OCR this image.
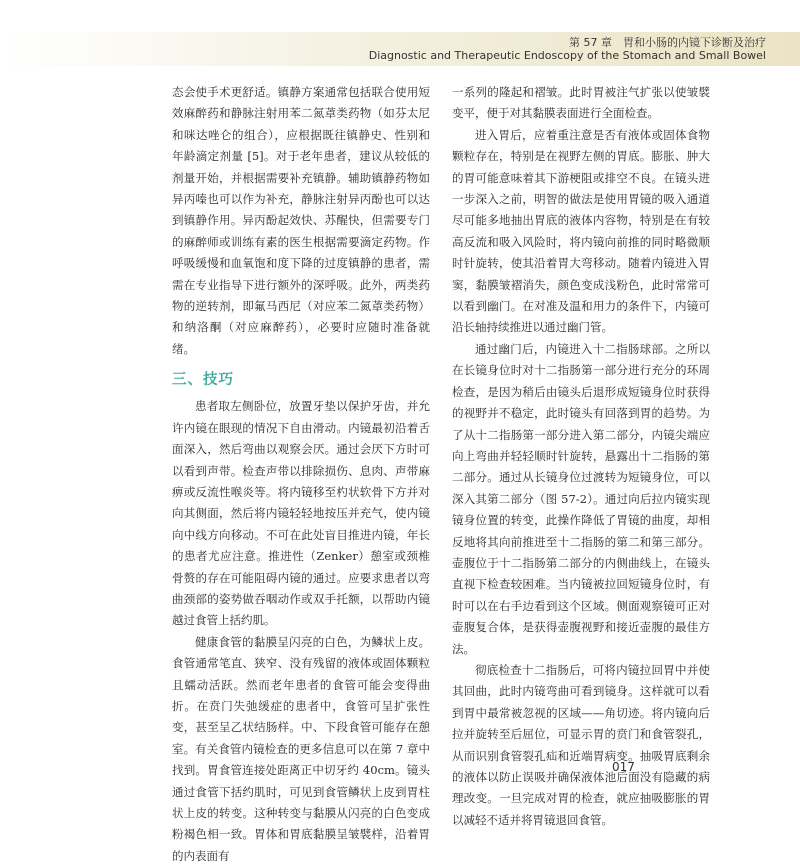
第 57 章　胃和小肠的内镜下诊断及治疗
Diagnostic and Therapeutic Endoscopy of the Stomach and Small Bowel

态会使手术更舒适。镇静方案通常包括联合使用短效麻醉药和静脉注射用苯二氮䓬类药物（如芬太尼和咪达唑仑的组合），应根据既往镇静史、性别和年龄滴定剂量 [5]。对于老年患者，建议从较低的剂量开始，并根据需要补充镇静。辅助镇静药物如异丙嗪也可以作为补充，静脉注射异丙酚也可以达到镇静作用。异丙酚起效快、苏醒快，但需要专门的麻醉师或训练有素的医生根据需要滴定药物。作呼吸缓慢和血氧饱和度下降的过度镇静的患者，需需在专业指导下进行额外的深呼吸。此外，两类药物的逆转剂，即氟马西尼（对应苯二氮䓬类药物）和纳洛酮（对应麻醉药），必要时应随时准备就绪。

三、技巧

患者取左侧卧位，放置牙垫以保护牙齿，并允许内镜在眼现的情况下自由滑动。内镜最初沿着舌面深入，然后弯曲以观察会厌。通过会厌下方时可以看到声带。检查声带以排除损伤、息肉、声带麻痹或反流性喉炎等。将内镜移至杓状软骨下方并对向其侧面，然后将内镜轻轻地按压并充气，使内镜向中线方向移动。不可在此处盲目推进内镜，年长的患者尤应注意。推进性（Zenker）憩室或颈椎骨赘的存在可能阻碍内镜的通过。应要求患者以弯曲颈部的姿势做吞咽动作或双手托额，以帮助内镜越过食管上括约肌。

健康食管的黏膜呈闪亮的白色，为鳞状上皮。食管通常笔直、狭窄、没有残留的液体或固体颗粒且蠕动活跃。然而老年患者的食管可能会变得曲折。在贲门失弛缓症的患者中，食管可呈扩张性变，甚至呈乙状结肠样。中、下段食管可能存在憩室。有关食管内镜检查的更多信息可以在第 7 章中找到。胃食管连接处距离正中切牙约 40cm。镜头通过食管下括约肌时，可见到食管鳞状上皮到胃柱状上皮的转变。这种转变与黏膜从闪亮的白色变成粉褐色相一致。胃体和胃底黏膜呈皱襞样，沿着胃的内表面有

一系列的隆起和褶皱。此时胃被注气扩张以使皱襞变平，便于对其黏膜表面进行全面检查。

进入胃后，应着重注意是否有液体或固体食物颗粒存在，特别是在视野左侧的胃底。膨胀、肿大的胃可能意味着其下游梗阻或排空不良。在镜头进一步深入之前，明智的做法是使用胃镜的吸入通道尽可能多地抽出胃底的液体内容物，特别是在有较高反流和吸入风险时，将内镜向前推的同时略微顺时针旋转，使其沿着胃大弯移动。随着内镜进入胃窦，黏膜皱褶消失，颜色变成浅粉色，此时常常可以看到幽门。在对准及温和用力的条件下，内镜可沿长轴持续推进以通过幽门管。

通过幽门后，内镜进入十二指肠球部。之所以在长镜身位时对十二指肠第一部分进行充分的环周检查，是因为稍后由镜头后退形成短镜身位时获得的视野并不稳定，此时镜头有回落到胃的趋势。为了从十二指肠第一部分进入第二部分，内镜尖端应向上弯曲并轻轻顺时针旋转，悬露出十二指肠的第二部分。通过从长镜身位过渡转为短镜身位，可以深入其第二部分（图 57-2）。通过向后拉内镜实现镜身位置的转变，此操作降低了胃镜的曲度，却相反地将其向前推进至十二指肠的第二和第三部分。壶腹位于十二指肠第二部分的内侧曲线上，在镜头直视下检查较困难。当内镜被拉回短镜身位时，有时可以在右手边看到这个区域。侧面观察镜可正对壶腹复合体，是获得壶腹视野和接近壶腹的最佳方法。

彻底检查十二指肠后，可将内镜拉回胃中并使其回曲，此时内镜弯曲可看到镜身。这样就可以看到胃中最常被忽视的区域——角切迹。将内镜向后拉并旋转至后屈位，可显示胃的贲门和食管裂孔，从而识别食管裂孔疝和近端胃病变。抽吸胃底剩余的液体以防止误吸并确保液体池后面没有隐藏的病理改变。一旦完成对胃的检查，就应抽吸膨胀的胃以减轻不适并将胃镜退回食管。

017
